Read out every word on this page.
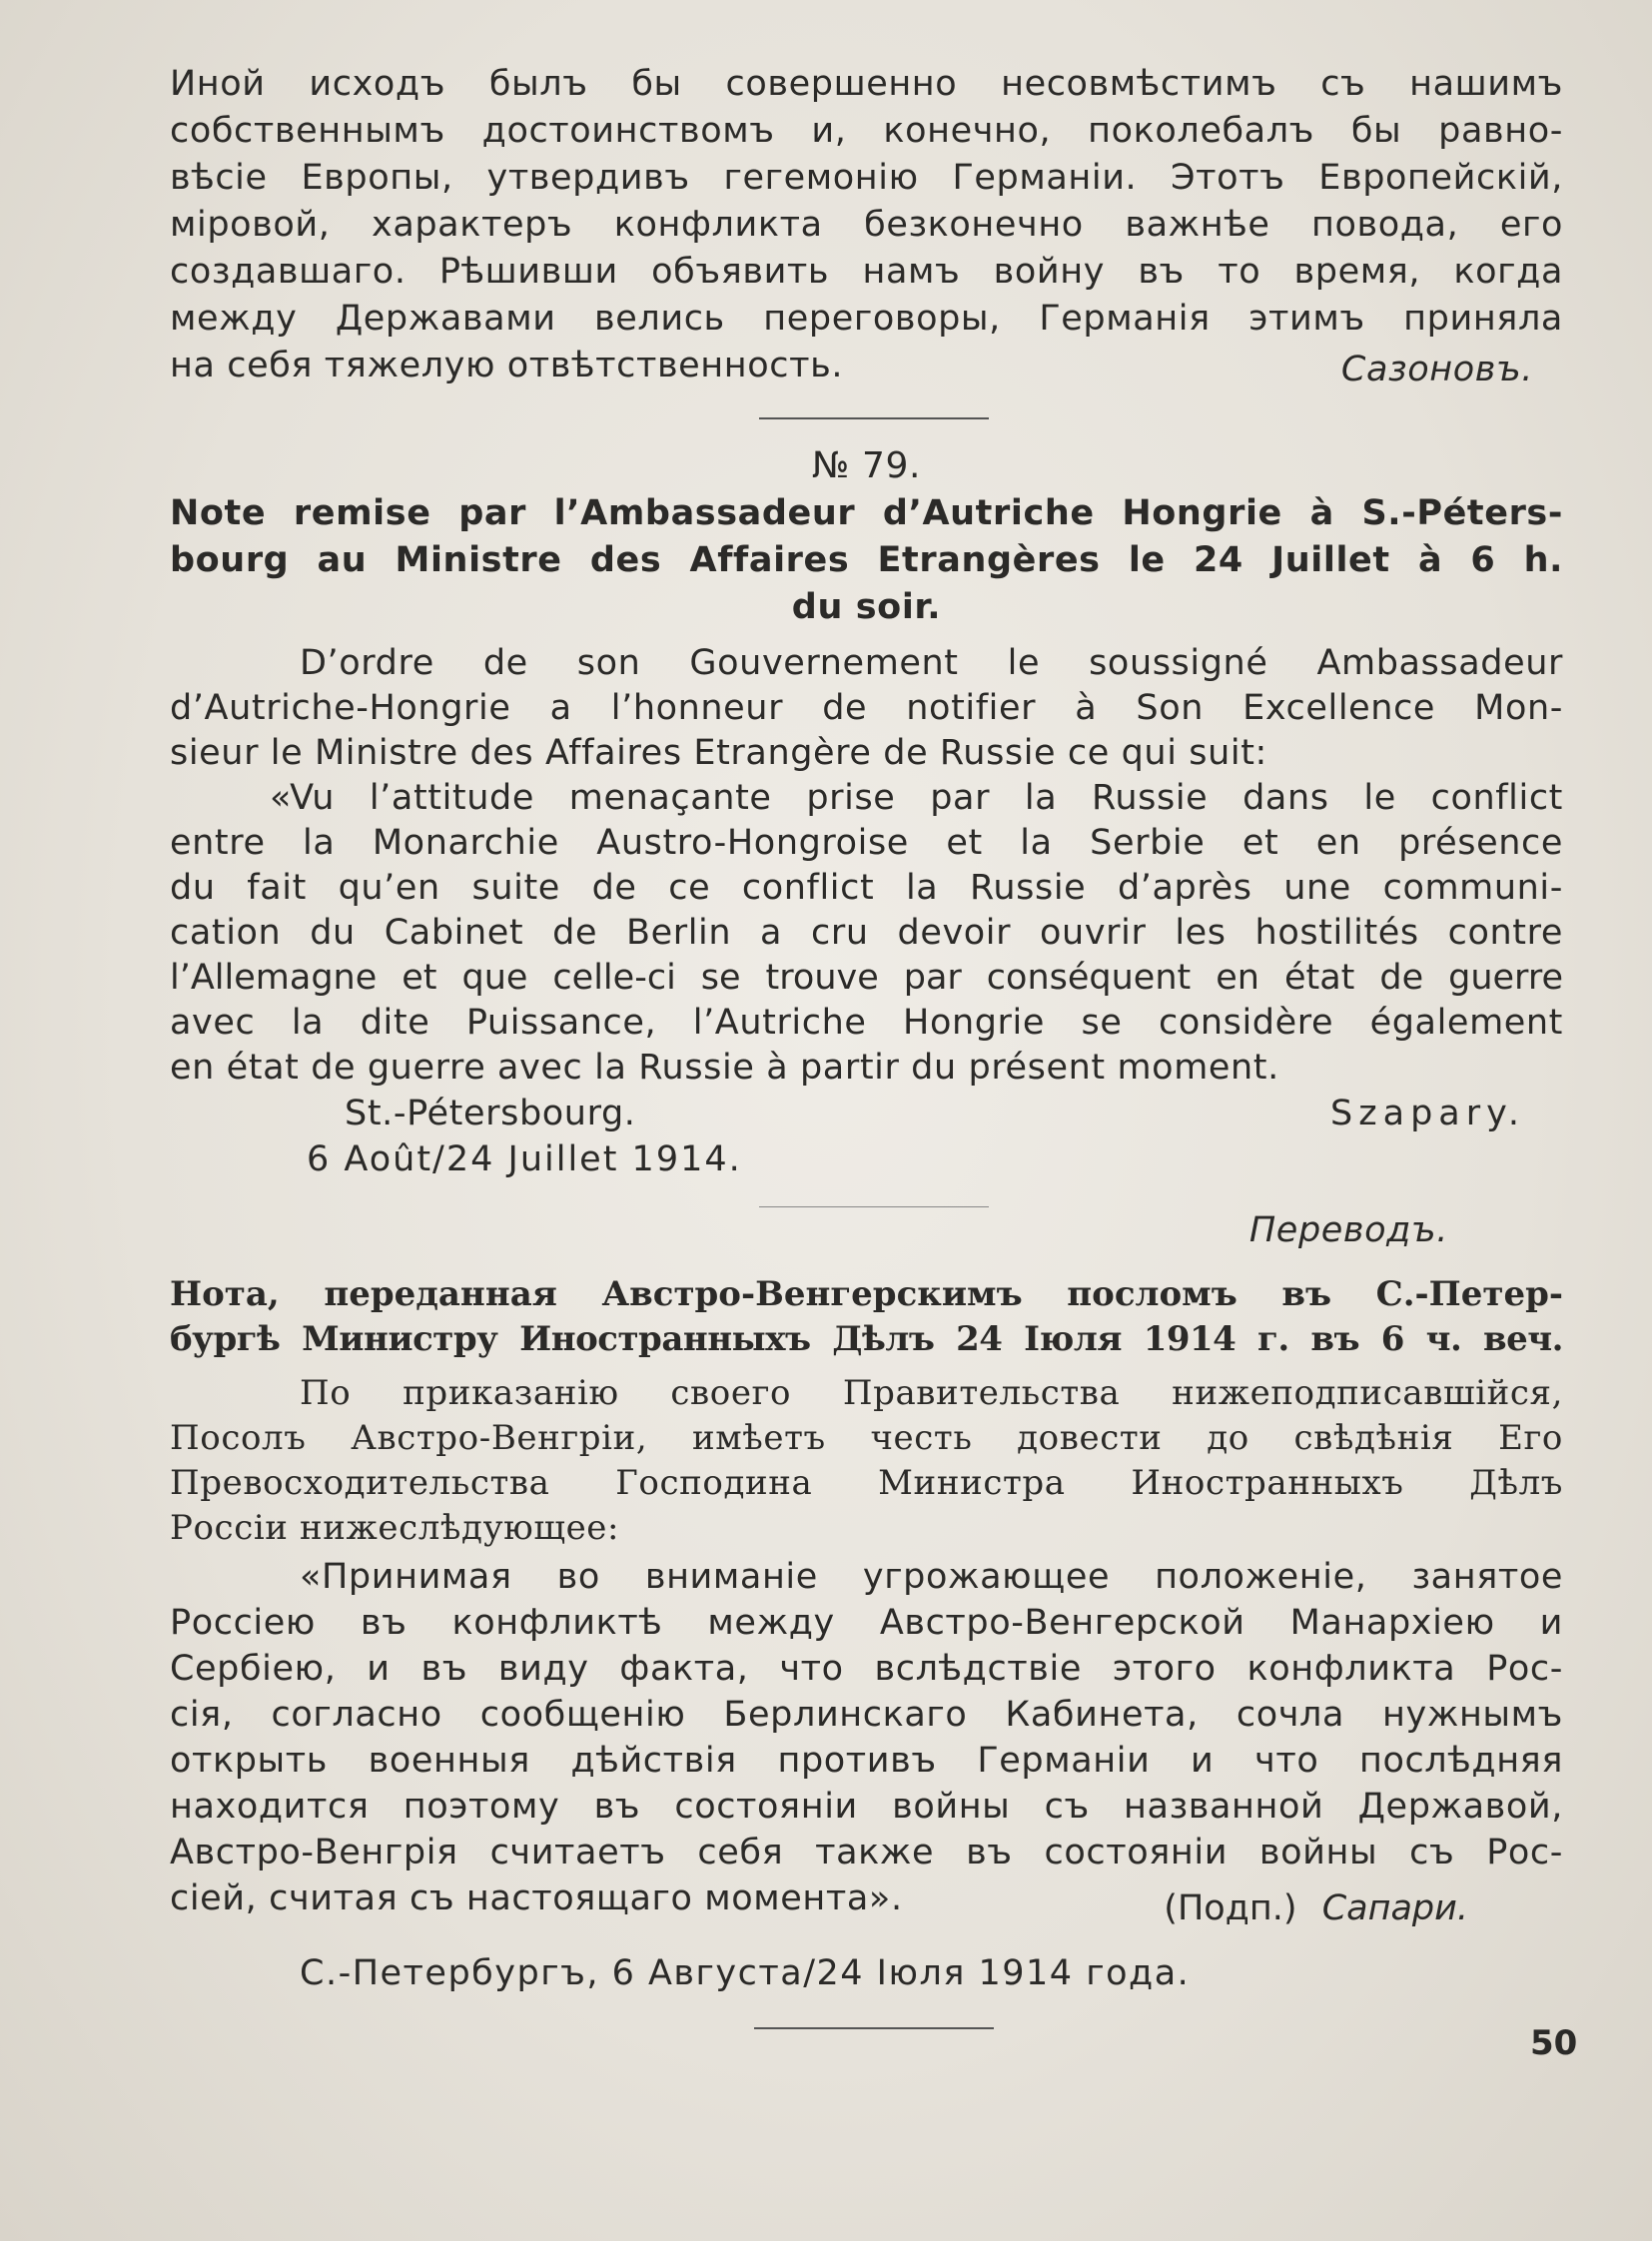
Иной исходъ былъ бы совершенно несовмѣстимъ съ нашимъ
собственнымъ достоинствомъ и, конечно, поколебалъ бы равно-
вѣсіе Европы, утвердивъ гегемонію Германіи. Этотъ Европейскій,
міровой, характеръ конфликта безконечно важнѣе повода, его
создавшаго. Рѣшивши объявить намъ войну въ то время, когда
между Державами велись переговоры, Германія этимъ приняла
на себя тяжелую отвѣтственность.	Сазоновъ.
№ 79.
Note remise par l’Ambassadeur d’Autriche Hongrie à S.-Péters-
bourg au Ministre des Affaires Etrangères le 24 Juillet à 6 h.
du soir.
D’ordre de son Gouvernement le soussigné Ambassadeur
d’Autriche-Hongrie a l’honneur de notifier à Son Excellence Mon-
sieur le Ministre des Affaires Etrangère de Russie ce qui suit:
«Vu l’attitude menaçante prise par la Russie dans le conflict
entre la Monarchie Austro-Hongroise et la Serbie et en présence
du fait qu’en suite de ce conflict la Russie d’après une communi-
cation du Cabinet de Berlin a cru devoir ouvrir les hostilités contre
l’Allemagne et que celle-ci se trouve par conséquent en état de guerre
avec la dite Puissance, l’Autriche Hongrie se considère également
en état de guerre avec la Russie à partir du présent moment.
St.-Pétersbourg.	Szapary.
6 Août/24 Juillet 1914.
Переводъ.
Нота, переданная Австро-Венгерскимъ посломъ въ С.-Петер-
бургѣ Министру Иностранныхъ Дѣлъ 24 Іюля 1914 г. въ 6 ч. веч.
По приказанію своего Правительства нижеподписавшійся,
Посолъ Австро-Венгріи, имѣетъ честь довести до свѣдѣнія Его
Превосходительства Господина Министра Иностранныхъ Дѣлъ
Россіи нижеслѣдующее:
«Принимая во вниманіе угрожающее положеніе, занятое
Россіею въ конфликтѣ между Австро-Венгерской Манархіею и
Сербіею, и въ виду факта, что вслѣдствіе этого конфликта Рос-
сія, согласно сообщенію Берлинскаго Кабинета, сочла нужнымъ
открыть военныя дѣйствія противъ Германіи и что послѣдняя
находится поэтому въ состояніи войны съ названной Державой,
Австро-Венгрія считаетъ себя также въ состояніи войны съ Рос-
сіей, считая съ настоящаго момента».	(Подп.) Сапари.
С.-Петербургъ, 6 Августа/24 Іюля 1914 года.
50
